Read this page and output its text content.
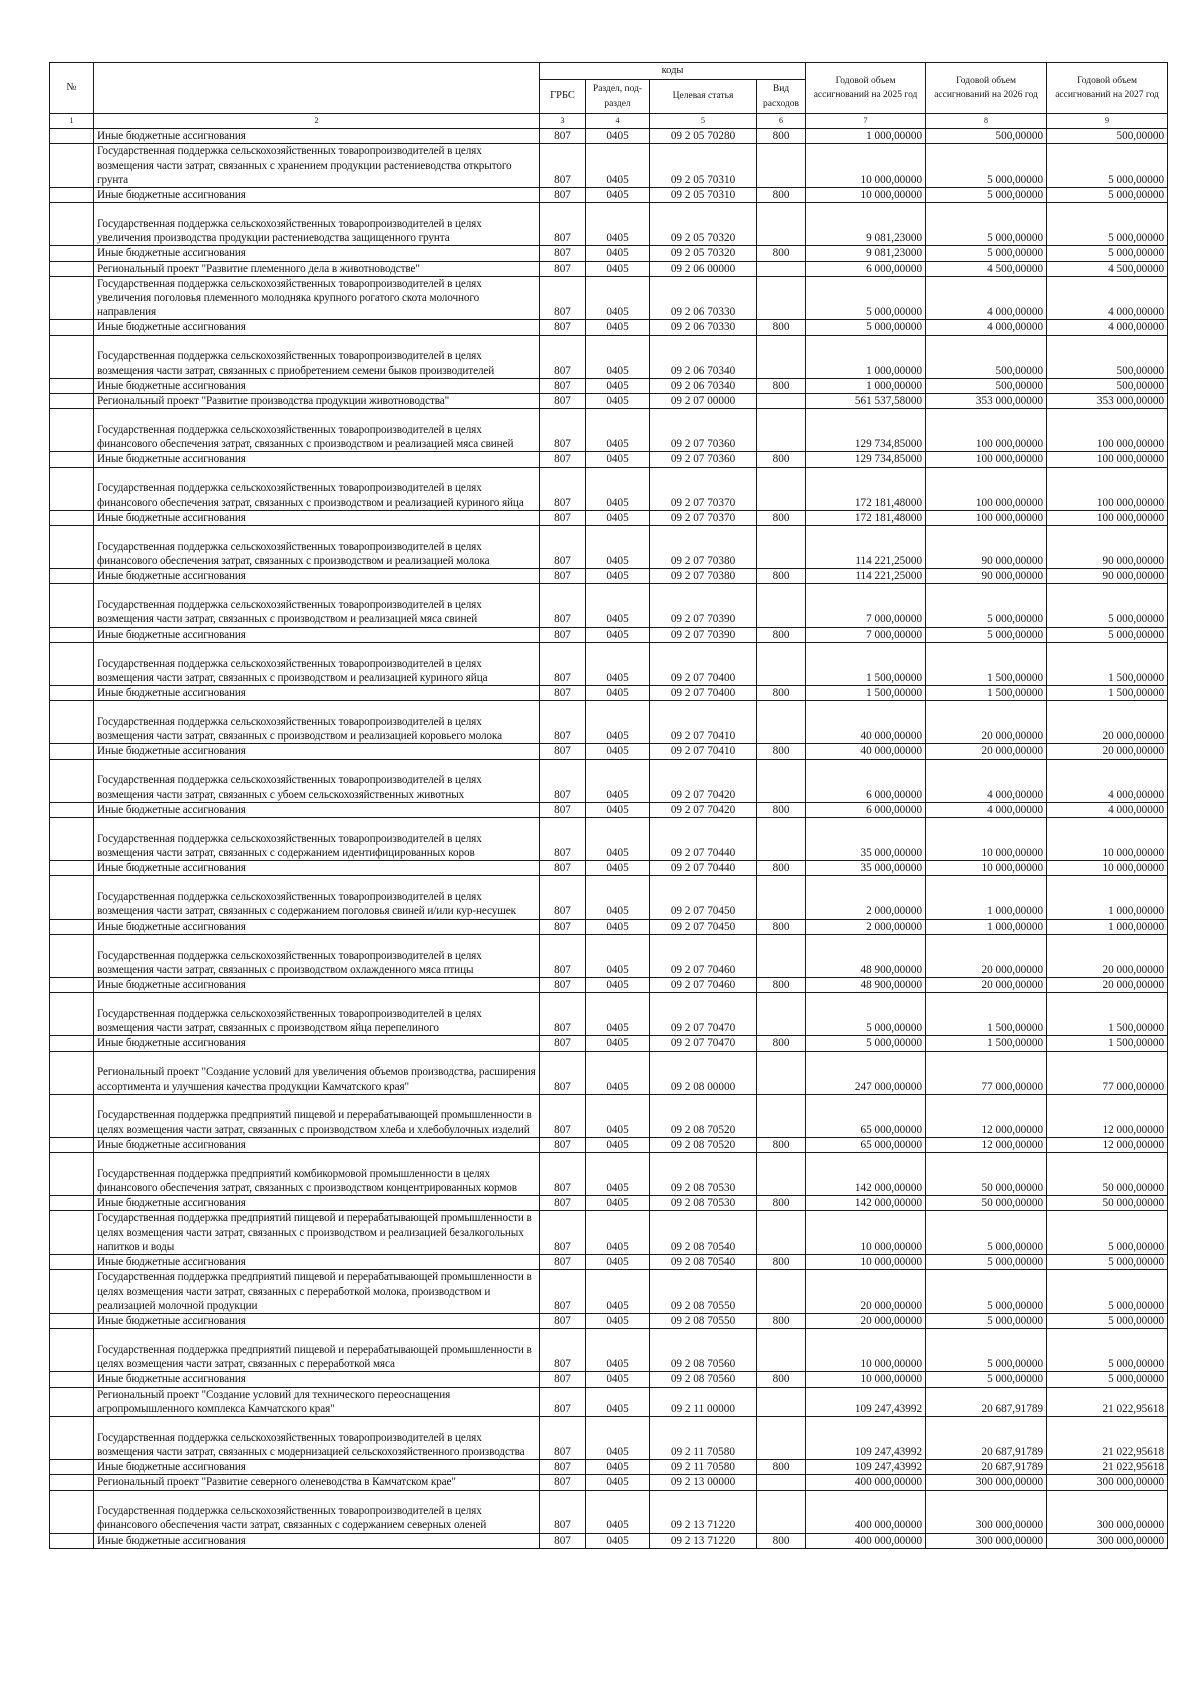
№		коды				Годовой объем ассигнований на 2025 год	Годовой объем ассигнований на 2026 год	Годовой объем ассигнований на 2027 год
		ГРБС	Раздел, под-раздел	Целевая статья	Вид расходов			
1	2	3	4	5	6	7	8	9
	Иные бюджетные ассигнования	807	0405	09 2 05 70280	800	1 000,00000	500,00000	500,00000
	Государственная поддержка сельскохозяйственных товаропроизводителей в целях возмещения части затрат, связанных с хранением продукции растениеводства открытого грунта	807	0405	09 2 05 70310		10 000,00000	5 000,00000	5 000,00000
	Иные бюджетные ассигнования	807	0405	09 2 05 70310	800	10 000,00000	5 000,00000	5 000,00000
	Государственная поддержка сельскохозяйственных товаропроизводителей в целях увеличения производства продукции растениеводства защищенного грунта	807	0405	09 2 05 70320		9 081,23000	5 000,00000	5 000,00000
	Иные бюджетные ассигнования	807	0405	09 2 05 70320	800	9 081,23000	5 000,00000	5 000,00000
	Региональный проект "Развитие племенного дела в животноводстве"	807	0405	09 2 06 00000		6 000,00000	4 500,00000	4 500,00000
	Государственная поддержка сельскохозяйственных товаропроизводителей в целях увеличения поголовья племенного молодняка крупного рогатого скота молочного направления	807	0405	09 2 06 70330		5 000,00000	4 000,00000	4 000,00000
	Иные бюджетные ассигнования	807	0405	09 2 06 70330	800	5 000,00000	4 000,00000	4 000,00000
	Государственная поддержка сельскохозяйственных товаропроизводителей в целях возмещения части затрат, связанных с приобретением семени быков производителей	807	0405	09 2 06 70340		1 000,00000	500,00000	500,00000
	Иные бюджетные ассигнования	807	0405	09 2 06 70340	800	1 000,00000	500,00000	500,00000
	Региональный проект "Развитие производства продукции животноводства"	807	0405	09 2 07 00000		561 537,58000	353 000,00000	353 000,00000
	Государственная поддержка сельскохозяйственных товаропроизводителей в целях финансового обеспечения затрат, связанных с производством и реализацией мяса свиней	807	0405	09 2 07 70360		129 734,85000	100 000,00000	100 000,00000
	Иные бюджетные ассигнования	807	0405	09 2 07 70360	800	129 734,85000	100 000,00000	100 000,00000
	Государственная поддержка сельскохозяйственных товаропроизводителей в целях финансового обеспечения затрат, связанных с производством и реализацией куриного яйца	807	0405	09 2 07 70370		172 181,48000	100 000,00000	100 000,00000
	Иные бюджетные ассигнования	807	0405	09 2 07 70370	800	172 181,48000	100 000,00000	100 000,00000
	Государственная поддержка сельскохозяйственных товаропроизводителей в целях финансового обеспечения затрат, связанных с производством и реализацией молока	807	0405	09 2 07 70380		114 221,25000	90 000,00000	90 000,00000
	Иные бюджетные ассигнования	807	0405	09 2 07 70380	800	114 221,25000	90 000,00000	90 000,00000
	Государственная поддержка сельскохозяйственных товаропроизводителей в целях возмещения части затрат, связанных с производством и реализацией мяса свиней	807	0405	09 2 07 70390		7 000,00000	5 000,00000	5 000,00000
	Иные бюджетные ассигнования	807	0405	09 2 07 70390	800	7 000,00000	5 000,00000	5 000,00000
	Государственная поддержка сельскохозяйственных товаропроизводителей в целях возмещения части затрат, связанных с производством и реализацией куриного яйца	807	0405	09 2 07 70400		1 500,00000	1 500,00000	1 500,00000
	Иные бюджетные ассигнования	807	0405	09 2 07 70400	800	1 500,00000	1 500,00000	1 500,00000
	Государственная поддержка сельскохозяйственных товаропроизводителей в целях возмещения части затрат, связанных с производством и реализацией коровьего молока	807	0405	09 2 07 70410		40 000,00000	20 000,00000	20 000,00000
	Иные бюджетные ассигнования	807	0405	09 2 07 70410	800	40 000,00000	20 000,00000	20 000,00000
	Государственная поддержка сельскохозяйственных товаропроизводителей в целях возмещения части затрат, связанных с убоем сельскохозяйственных животных	807	0405	09 2 07 70420		6 000,00000	4 000,00000	4 000,00000
	Иные бюджетные ассигнования	807	0405	09 2 07 70420	800	6 000,00000	4 000,00000	4 000,00000
	Государственная поддержка сельскохозяйственных товаропроизводителей в целях возмещения части затрат, связанных с содержанием идентифицированных коров	807	0405	09 2 07 70440		35 000,00000	10 000,00000	10 000,00000
	Иные бюджетные ассигнования	807	0405	09 2 07 70440	800	35 000,00000	10 000,00000	10 000,00000
	Государственная поддержка сельскохозяйственных товаропроизводителей в целях возмещения части затрат, связанных с содержанием поголовья свиней и/или кур-несушек	807	0405	09 2 07 70450		2 000,00000	1 000,00000	1 000,00000
	Иные бюджетные ассигнования	807	0405	09 2 07 70450	800	2 000,00000	1 000,00000	1 000,00000
	Государственная поддержка сельскохозяйственных товаропроизводителей в целях возмещения части затрат, связанных с производством охлажденного мяса птицы	807	0405	09 2 07 70460		48 900,00000	20 000,00000	20 000,00000
	Иные бюджетные ассигнования	807	0405	09 2 07 70460	800	48 900,00000	20 000,00000	20 000,00000
	Государственная поддержка сельскохозяйственных товаропроизводителей в целях возмещения части затрат, связанных с производством яйца перепелиного	807	0405	09 2 07 70470		5 000,00000	1 500,00000	1 500,00000
	Иные бюджетные ассигнования	807	0405	09 2 07 70470	800	5 000,00000	1 500,00000	1 500,00000
	Региональный проект "Создание условий для увеличения объемов производства, расширения ассортимента и улучшения качества продукции Камчатского края"	807	0405	09 2 08 00000		247 000,00000	77 000,00000	77 000,00000
	Государственная поддержка предприятий пищевой и перерабатывающей промышленности в целях возмещения части затрат, связанных с производством хлеба и хлебобулочных изделий	807	0405	09 2 08 70520		65 000,00000	12 000,00000	12 000,00000
	Иные бюджетные ассигнования	807	0405	09 2 08 70520	800	65 000,00000	12 000,00000	12 000,00000
	Государственная поддержка предприятий комбикормовой промышленности в целях финансового обеспечения затрат, связанных с производством концентрированных кормов	807	0405	09 2 08 70530		142 000,00000	50 000,00000	50 000,00000
	Иные бюджетные ассигнования	807	0405	09 2 08 70530	800	142 000,00000	50 000,00000	50 000,00000
	Государственная поддержка предприятий пищевой и перерабатывающей промышленности в целях возмещения части затрат, связанных с производством и реализацией безалкогольных напитков и воды	807	0405	09 2 08 70540		10 000,00000	5 000,00000	5 000,00000
	Иные бюджетные ассигнования	807	0405	09 2 08 70540	800	10 000,00000	5 000,00000	5 000,00000
	Государственная поддержка предприятий пищевой и перерабатывающей промышленности в целях возмещения части затрат, связанных с переработкой молока, производством и реализацией молочной продукции	807	0405	09 2 08 70550		20 000,00000	5 000,00000	5 000,00000
	Иные бюджетные ассигнования	807	0405	09 2 08 70550	800	20 000,00000	5 000,00000	5 000,00000
	Государственная поддержка предприятий пищевой и перерабатывающей промышленности в целях возмещения части затрат, связанных с переработкой мяса	807	0405	09 2 08 70560		10 000,00000	5 000,00000	5 000,00000
	Иные бюджетные ассигнования	807	0405	09 2 08 70560	800	10 000,00000	5 000,00000	5 000,00000
	Региональный проект "Создание условий для технического переоснащения агропромышленного комплекса Камчатского края"	807	0405	09 2 11 00000		109 247,43992	20 687,91789	21 022,95618
	Государственная поддержка сельскохозяйственных товаропроизводителей в целях возмещения части затрат, связанных с модернизацией сельскохозяйственного производства	807	0405	09 2 11 70580		109 247,43992	20 687,91789	21 022,95618
	Иные бюджетные ассигнования	807	0405	09 2 11 70580	800	109 247,43992	20 687,91789	21 022,95618
	Региональный проект "Развитие северного оленеводства в Камчатском крае"	807	0405	09 2 13 00000		400 000,00000	300 000,00000	300 000,00000
	Государственная поддержка сельскохозяйственных товаропроизводителей в целях финансового обеспечения части затрат, связанных с содержанием северных оленей	807	0405	09 2 13 71220		400 000,00000	300 000,00000	300 000,00000
	Иные бюджетные ассигнования	807	0405	09 2 13 71220	800	400 000,00000	300 000,00000	300 000,00000
